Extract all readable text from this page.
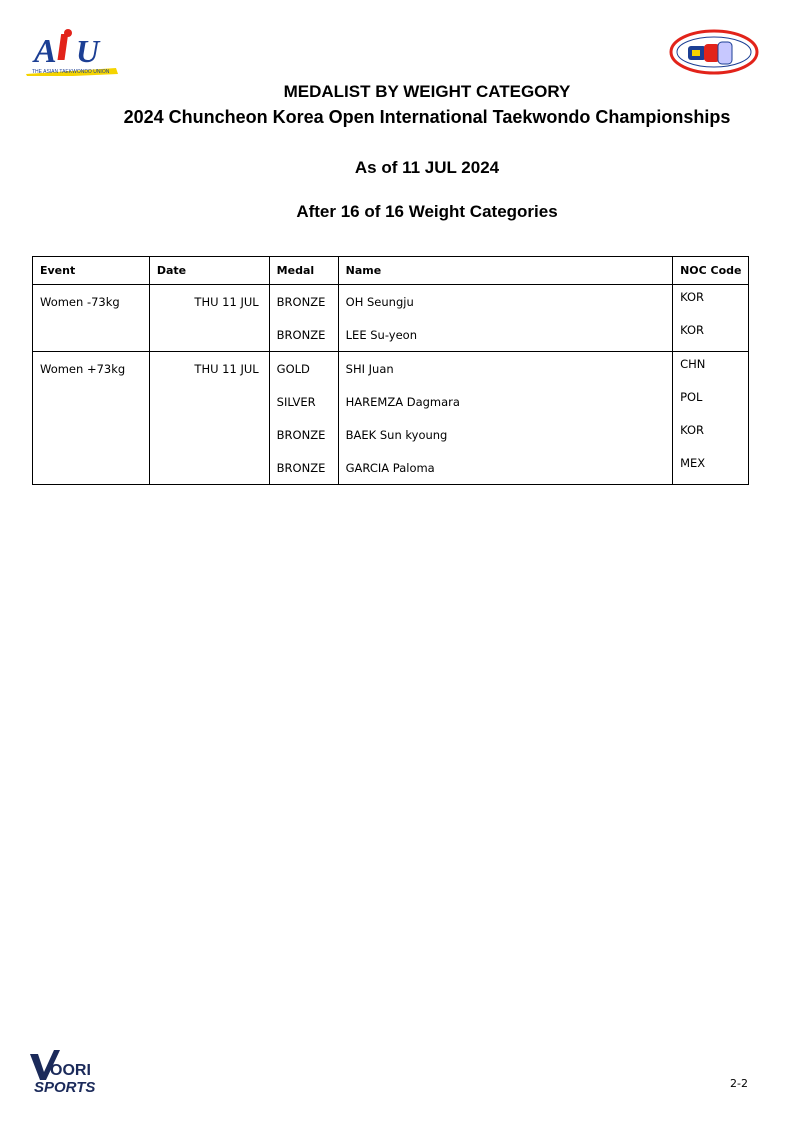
A U
THE ASIAN TAEKWONDO UNION
MEDALIST BY WEIGHT CATEGORY
2024 Chuncheon Korea Open International Taekwondo Championships
As of 11 JUL 2024
After 16 of 16 Weight Categories
Event	Date	Medal	Name	NOC Code
Women -73kg	THU 11 JUL	BRONZE	OH Seungju	KOR
		BRONZE	LEE Su-yeon	KOR
Women +73kg	THU 11 JUL	GOLD	SHI Juan	CHN
		SILVER	HAREMZA Dagmara	POL
		BRONZE	BAEK Sun kyoung	KOR
		BRONZE	GARCIA Paloma	MEX
OORI
SPORTS	2-2
